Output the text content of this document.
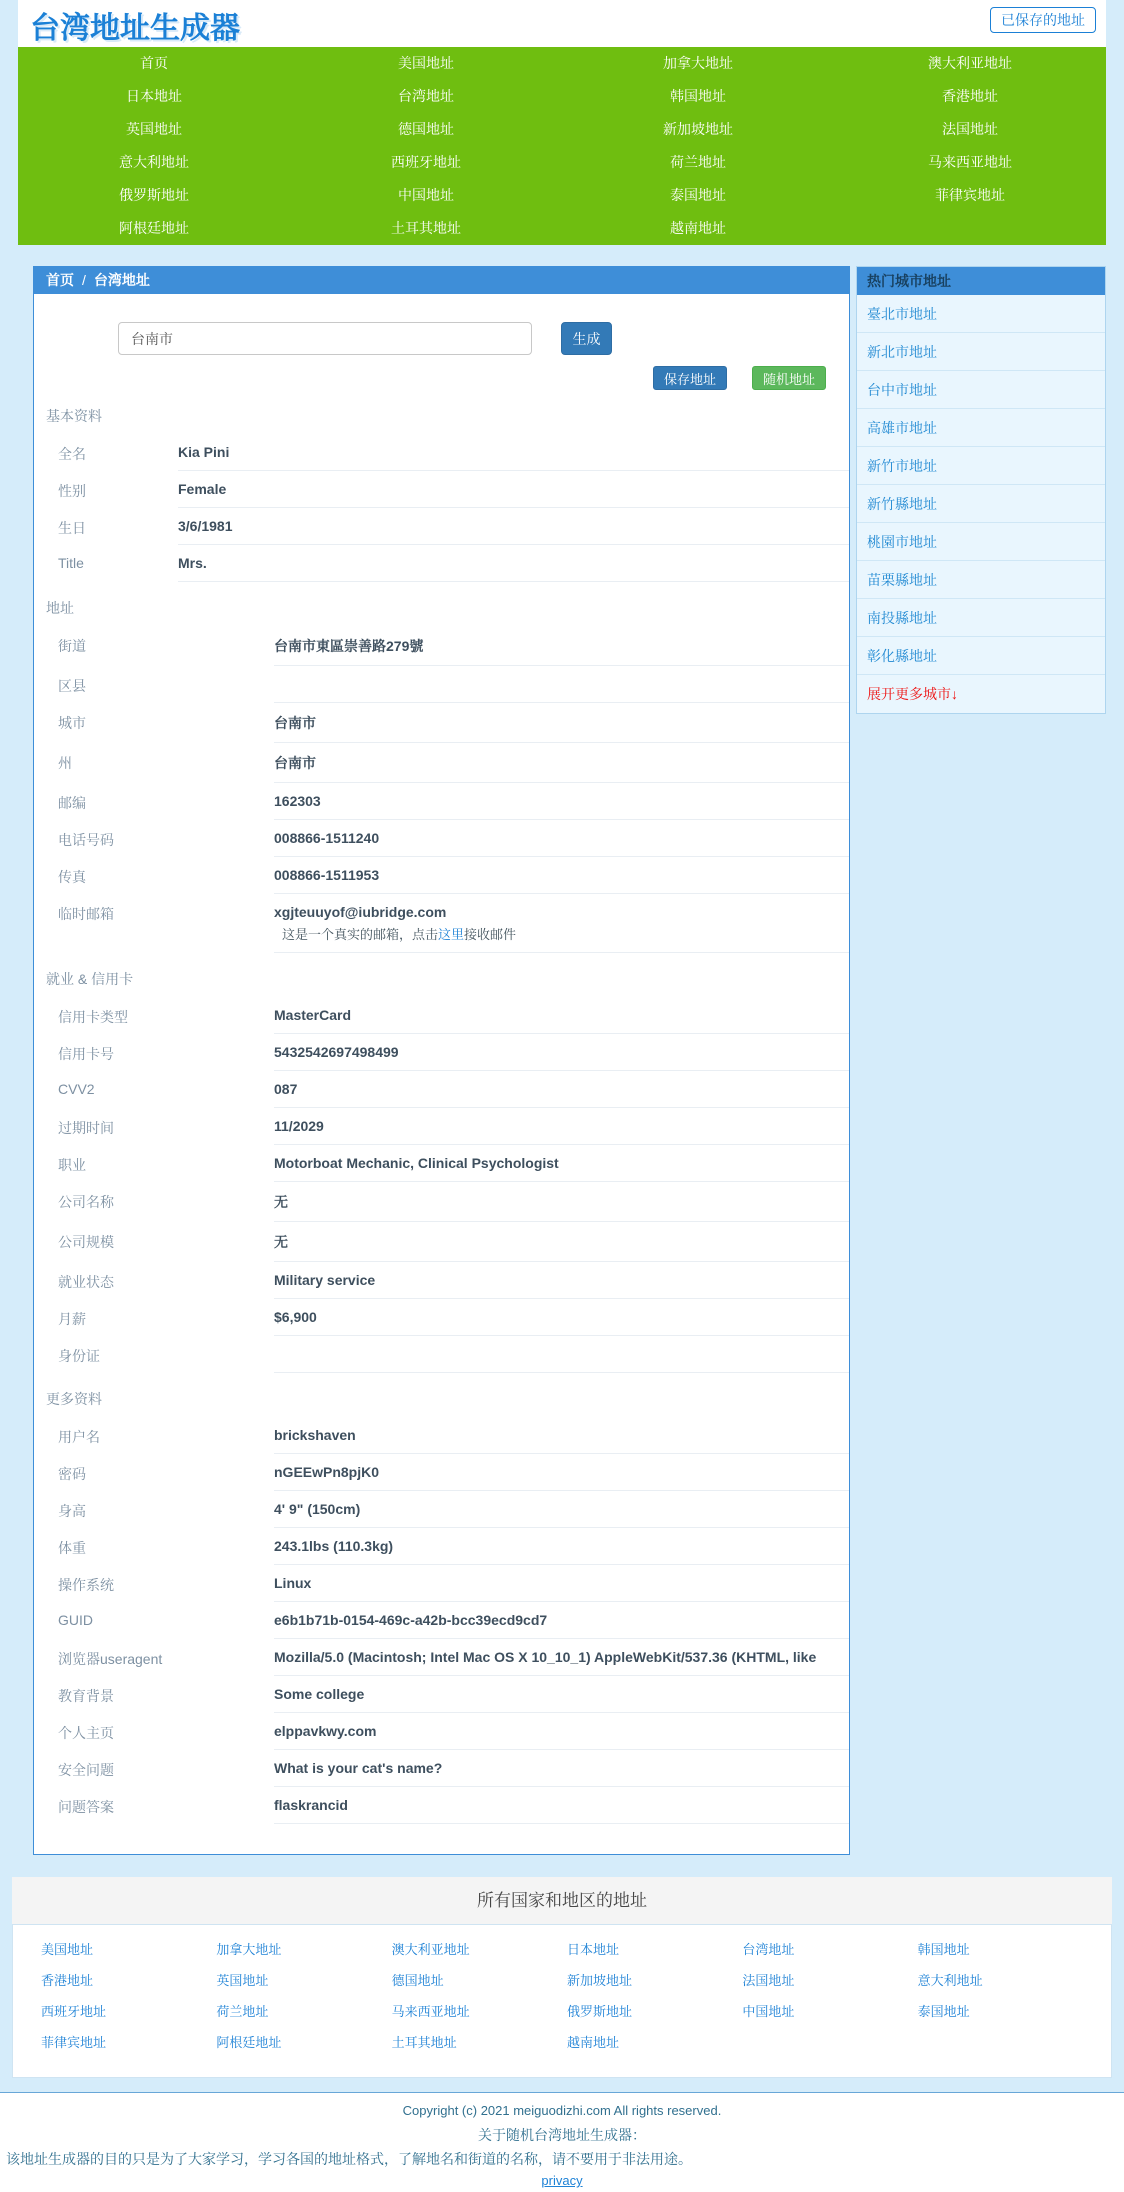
台湾地址生成器	已保存的地址
首页	美国地址	加拿大地址	澳大利亚地址
日本地址	台湾地址	韩国地址	香港地址
英国地址	德国地址	新加坡地址	法国地址
意大利地址	西班牙地址	荷兰地址	马来西亚地址
俄罗斯地址	中国地址	泰国地址	菲律宾地址
阿根廷地址	土耳其地址	越南地址
首页 / 台湾地址
台南市
生成
保存地址	随机地址
基本资料
全名	Kia Pini
性别	Female
生日	3/6/1981
Title	Mrs.
地址
街道	台南市東區崇善路279號
区县
城市	台南市
州	台南市
邮编	162303
电话号码	008866-1511240
传真	008866-1511953
临时邮箱	xgjteuuyof@iubridge.com
这是一个真实的邮箱，点击这里接收邮件
就业 & 信用卡
信用卡类型	MasterCard
信用卡号	5432542697498499
CVV2	087
过期时间	11/2029
职业	Motorboat Mechanic, Clinical Psychologist
公司名称	无
公司规模	无
就业状态	Military service
月薪	$6,900
身份证
更多资料
用户名	brickshaven
密码	nGEEwPn8pjK0
身高	4' 9" (150cm)
体重	243.1lbs (110.3kg)
操作系统	Linux
GUID	e6b1b71b-0154-469c-a42b-bcc39ecd9cd7
浏览器useragent	Mozilla/5.0 (Macintosh; Intel Mac OS X 10_10_1) AppleWebKit/537.36 (KHTML, like
教育背景	Some college
个人主页	elppavkwy.com
安全问题	What is your cat's name?
问题答案	flaskrancid
热门城市地址
臺北市地址
新北市地址
台中市地址
高雄市地址
新竹市地址
新竹縣地址
桃園市地址
苗栗縣地址
南投縣地址
彰化縣地址
展开更多城市↓
所有国家和地区的地址
美国地址	加拿大地址	澳大利亚地址	日本地址	台湾地址	韩国地址
香港地址	英国地址	德国地址	新加坡地址	法国地址	意大利地址
西班牙地址	荷兰地址	马来西亚地址	俄罗斯地址	中国地址	泰国地址
菲律宾地址	阿根廷地址	土耳其地址	越南地址
Copyright (c) 2021 meiguodizhi.com All rights reserved.
关于随机台湾地址生成器：
该地址生成器的目的只是为了大家学习，学习各国的地址格式，了解地名和街道的名称，请不要用于非法用途。
privacy
